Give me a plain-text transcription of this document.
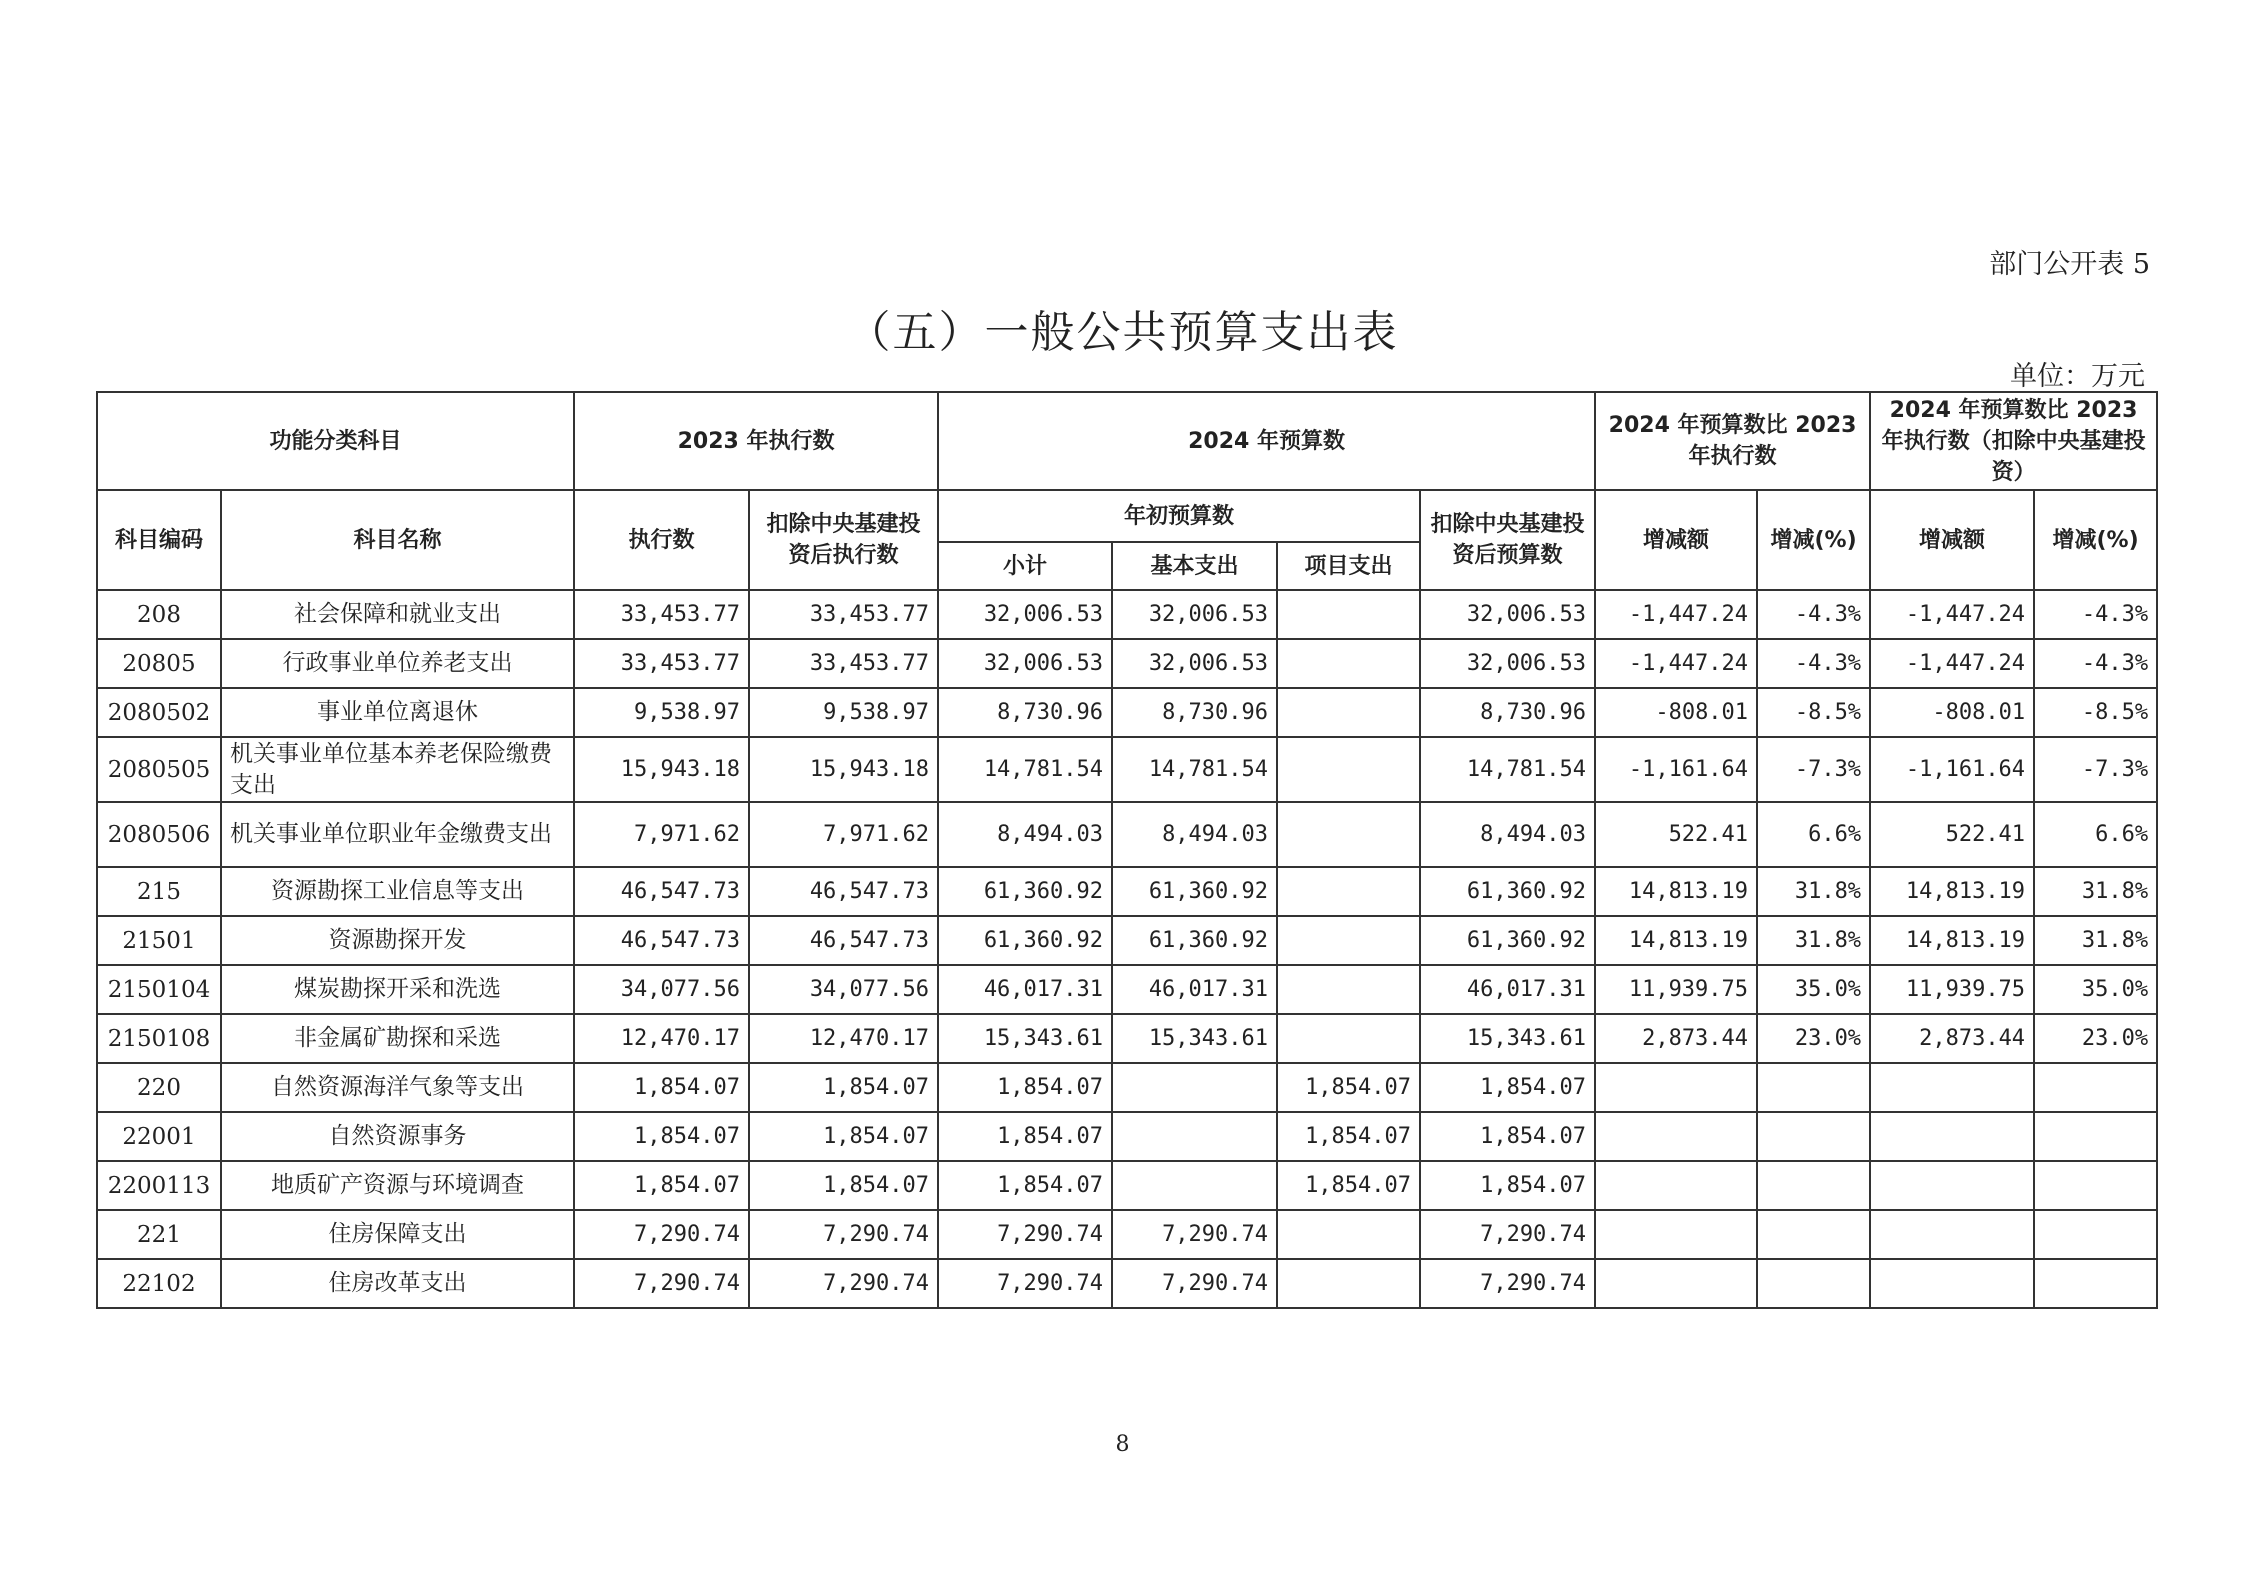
部门公开表 5
（五）一般公共预算支出表
单位：万元
功能分类科目		2023 年执行数		2024 年预算数				2024 年预算数比 2023 年执行数		2024 年预算数比 2023 年执行数（扣除中央基建投资）	
科目编码	科目名称	执行数	扣除中央基建投资后执行数	年初预算数			扣除中央基建投资后预算数	增减额	增减(%)	增减额	增减(%)
				小计	基本支出	项目支出					
208	社会保障和就业支出	33,453.77	33,453.77	32,006.53	32,006.53		32,006.53	-1,447.24	-4.3%	-1,447.24	-4.3%
20805	行政事业单位养老支出	33,453.77	33,453.77	32,006.53	32,006.53		32,006.53	-1,447.24	-4.3%	-1,447.24	-4.3%
2080502	事业单位离退休	9,538.97	9,538.97	8,730.96	8,730.96		8,730.96	-808.01	-8.5%	-808.01	-8.5%
2080505	机关事业单位基本养老保险缴费支出	15,943.18	15,943.18	14,781.54	14,781.54		14,781.54	-1,161.64	-7.3%	-1,161.64	-7.3%
2080506	机关事业单位职业年金缴费支出	7,971.62	7,971.62	8,494.03	8,494.03		8,494.03	522.41	6.6%	522.41	6.6%
215	资源勘探工业信息等支出	46,547.73	46,547.73	61,360.92	61,360.92		61,360.92	14,813.19	31.8%	14,813.19	31.8%
21501	资源勘探开发	46,547.73	46,547.73	61,360.92	61,360.92		61,360.92	14,813.19	31.8%	14,813.19	31.8%
2150104	煤炭勘探开采和洗选	34,077.56	34,077.56	46,017.31	46,017.31		46,017.31	11,939.75	35.0%	11,939.75	35.0%
2150108	非金属矿勘探和采选	12,470.17	12,470.17	15,343.61	15,343.61		15,343.61	2,873.44	23.0%	2,873.44	23.0%
220	自然资源海洋气象等支出	1,854.07	1,854.07	1,854.07		1,854.07	1,854.07				
22001	自然资源事务	1,854.07	1,854.07	1,854.07		1,854.07	1,854.07				
2200113	地质矿产资源与环境调查	1,854.07	1,854.07	1,854.07		1,854.07	1,854.07				
221	住房保障支出	7,290.74	7,290.74	7,290.74	7,290.74		7,290.74				
22102	住房改革支出	7,290.74	7,290.74	7,290.74	7,290.74		7,290.74				
8
